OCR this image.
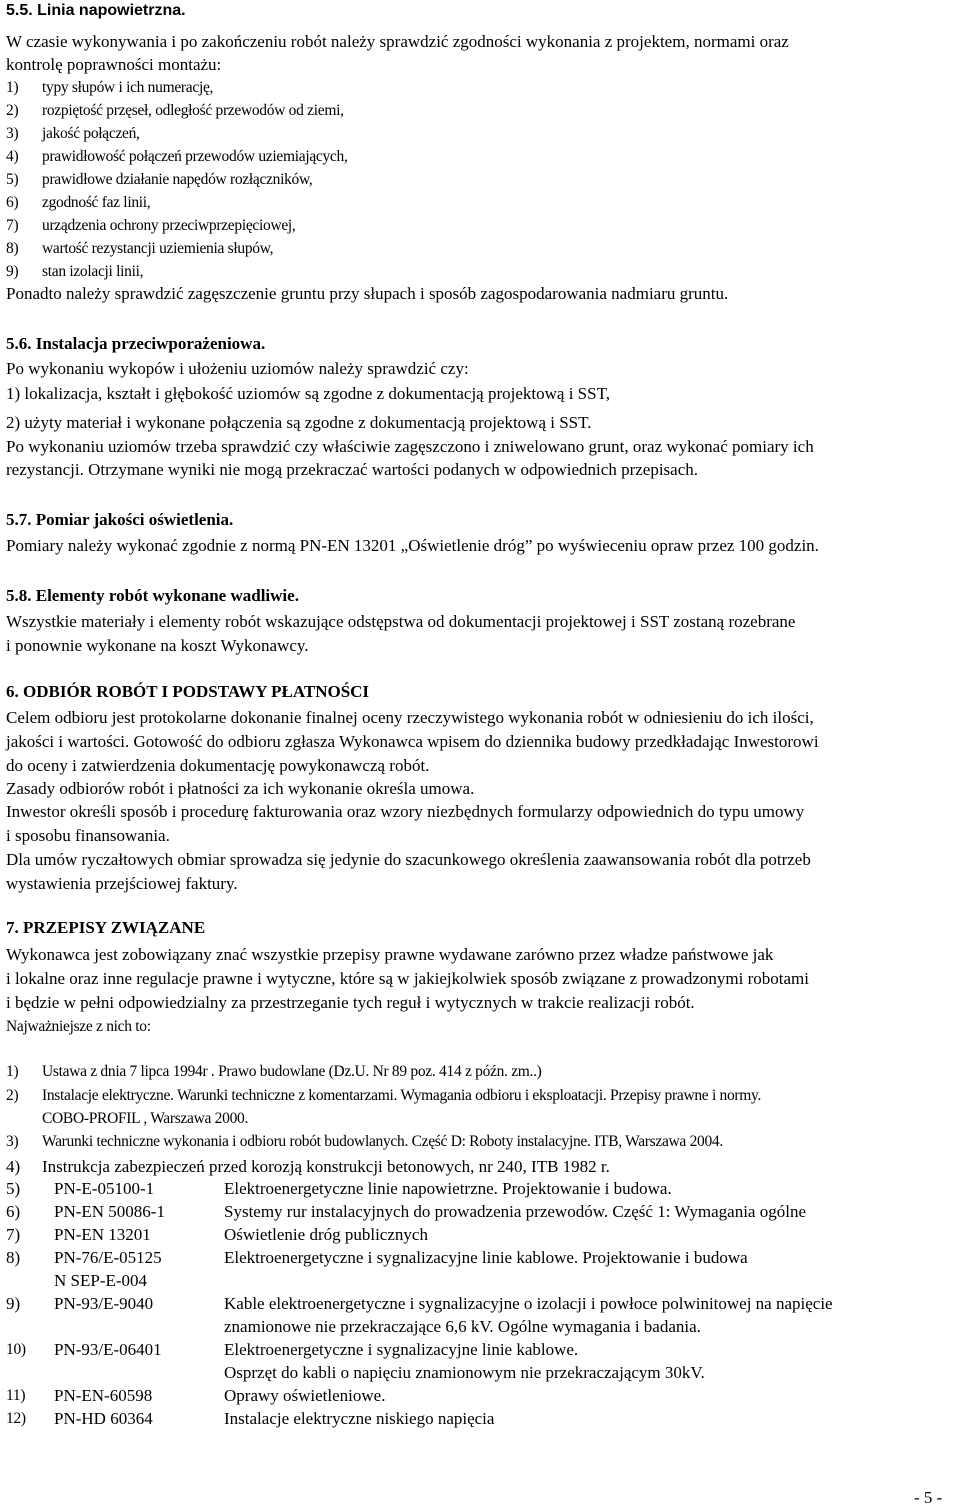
5.5. Linia napowietrzna.
W czasie wykonywania i po zakończeniu robót należy sprawdzić zgodności wykonania z projektem, normami oraz
kontrolę poprawności montażu:
1) typy słupów i ich numerację,
2) rozpiętość przęseł, odległość przewodów od ziemi,
3) jakość połączeń,
4) prawidłowość połączeń przewodów uziemiających,
5) prawidłowe działanie napędów rozłączników,
6) zgodność faz linii,
7) urządzenia ochrony przeciwprzepięciowej,
8) wartość rezystancji uziemienia słupów,
9) stan izolacji linii,
Ponadto należy sprawdzić zagęszczenie gruntu przy słupach i sposób zagospodarowania nadmiaru gruntu.
5.6. Instalacja przeciwporażeniowa.
Po wykonaniu wykopów i ułożeniu uziomów należy sprawdzić czy:
1) lokalizacja, kształt i głębokość uziomów są zgodne z dokumentacją projektową i SST,
2) użyty materiał i wykonane połączenia są zgodne z dokumentacją projektową i SST.
Po wykonaniu uziomów trzeba sprawdzić czy właściwie zagęszczono i zniwelowano grunt, oraz wykonać pomiary ich
rezystancji. Otrzymane wyniki nie mogą przekraczać wartości podanych w odpowiednich przepisach.
5.7. Pomiar jakości oświetlenia.
Pomiary należy wykonać zgodnie z normą PN-EN 13201 „Oświetlenie dróg” po wyświeceniu opraw przez 100 godzin.
5.8. Elementy robót wykonane wadliwie.
Wszystkie materiały i elementy robót wskazujące odstępstwa od dokumentacji projektowej i SST zostaną rozebrane
i ponownie wykonane na koszt Wykonawcy.
6. ODBIÓR ROBÓT I PODSTAWY PŁATNOŚCI
Celem odbioru jest protokolarne dokonanie finalnej oceny rzeczywistego wykonania robót w odniesieniu do ich ilości,
jakości i wartości. Gotowość do odbioru zgłasza Wykonawca wpisem do dziennika budowy przedkładając Inwestorowi
do oceny i zatwierdzenia dokumentację powykonawczą robót.
Zasady odbiorów robót i płatności za ich wykonanie określa umowa.
Inwestor określi sposób i procedurę fakturowania oraz wzory niezbędnych formularzy odpowiednich do typu umowy
i sposobu finansowania.
Dla umów ryczałtowych obmiar sprowadza się jedynie do szacunkowego określenia zaawansowania robót dla potrzeb
wystawienia przejściowej faktury.
7. PRZEPISY ZWIĄZANE
Wykonawca jest zobowiązany znać wszystkie przepisy prawne wydawane zarówno przez władze państwowe jak
i lokalne oraz inne regulacje prawne i wytyczne, które są w jakiejkolwiek sposób związane z prowadzonymi robotami
i będzie w pełni odpowiedzialny za przestrzeganie tych reguł i wytycznych w trakcie realizacji robót.
Najważniejsze z nich to:
1) Ustawa z dnia 7 lipca 1994r . Prawo budowlane (Dz.U. Nr 89 poz. 414 z późn. zm..)
2) Instalacje elektryczne. Warunki techniczne z komentarzami. Wymagania odbioru i eksploatacji. Przepisy prawne i normy.
COBO-PROFIL , Warszawa 2000.
3) Warunki techniczne wykonania i odbioru robót budowlanych. Część D: Roboty instalacyjne. ITB, Warszawa 2004.
4) Instrukcja zabezpieczeń przed korozją konstrukcji betonowych, nr 240, ITB 1982 r.
5) PN-E-05100-1	Elektroenergetyczne linie napowietrzne. Projektowanie i budowa.
6) PN-EN 50086-1	Systemy rur instalacyjnych do prowadzenia przewodów. Część 1: Wymagania ogólne
7) PN-EN 13201	Oświetlenie dróg publicznych
8) PN-76/E-05125	Elektroenergetyczne i sygnalizacyjne linie kablowe. Projektowanie i budowa
N SEP-E-004
9) PN-93/E-9040	Kable elektroenergetyczne i sygnalizacyjne o izolacji i powłoce polwinitowej na napięcie
znamionowe nie przekraczające 6,6 kV. Ogólne wymagania i badania.
10) PN-93/E-06401	Elektroenergetyczne i sygnalizacyjne linie kablowe.
Osprzęt do kabli o napięciu znamionowym nie przekraczającym 30kV.
11) PN-EN-60598	Oprawy oświetleniowe.
12) PN-HD 60364	Instalacje elektryczne niskiego napięcia
- 5 -
